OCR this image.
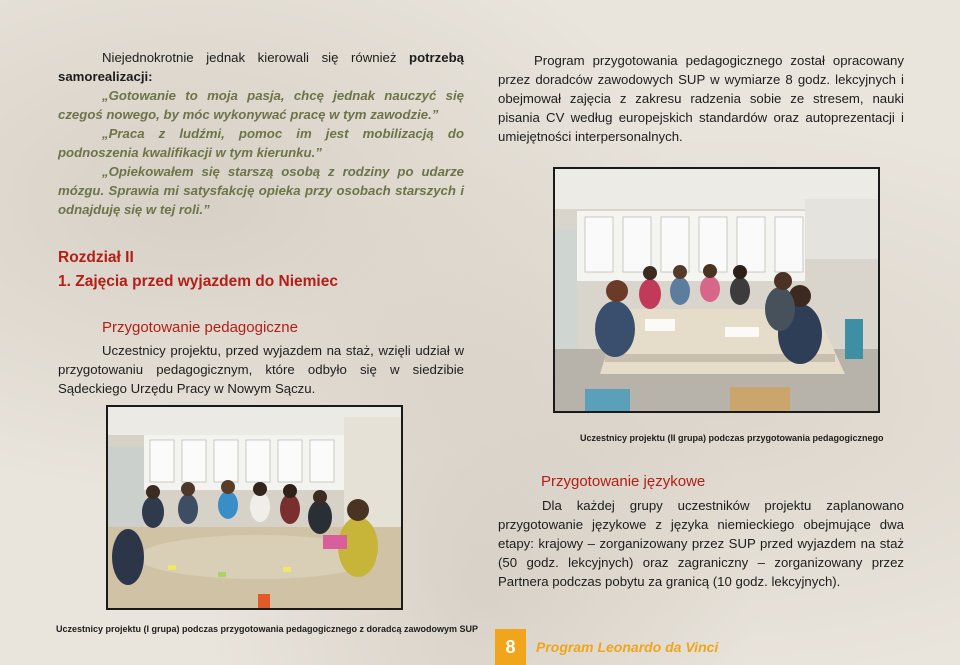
Niejednokrotnie jednak kierowali się również potrzebą samorealizacji:

„Gotowanie to moja pasja, chcę jednak nauczyć się czegoś nowego, by móc wykonywać pracę w tym zawodzie.”

„Praca z ludźmi, pomoc im jest mobilizacją do podnoszenia kwalifikacji w tym kierunku.”

„Opiekowałem się starszą osobą z rodziny po udarze mózgu. Sprawia mi satysfakcję opieka przy osobach starszych i odnajduję się w tej roli.”

Rozdział II

1. Zajęcia przed wyjazdem do Niemiec

Przygotowanie pedagogiczne

Uczestnicy projektu, przed wyjazdem na staż, wzięli udział w przygotowaniu pedagogicznym, które odbyło się w siedzibie Sądeckiego Urzędu Pracy w Nowym Sączu.

Program przygotowania pedagogicznego został opracowany przez doradców zawodowych SUP w wymiarze 8 godz. lekcyjnych i obejmował zajęcia z zakresu radzenia sobie ze stresem, nauki pisania CV według europejskich standardów oraz autoprezentacji i umiejętności interpersonalnych.

Uczestnicy projektu (II grupa) podczas przygotowania pedagogicznego

Przygotowanie językowe

Dla każdej grupy uczestników projektu zaplanowano przygotowanie językowe z języka niemieckiego obejmujące dwa etapy: krajowy – zorganizowany przez SUP przed wyjazdem na staż (50 godz. lekcyjnych) oraz zagraniczny – zorganizowany przez Partnera podczas pobytu za granicą (10 godz. lekcyjnych).

Uczestnicy projektu (I grupa) podczas przygotowania pedagogicznego z doradcą zawodowym SUP

8 Program Leonardo da Vinci
